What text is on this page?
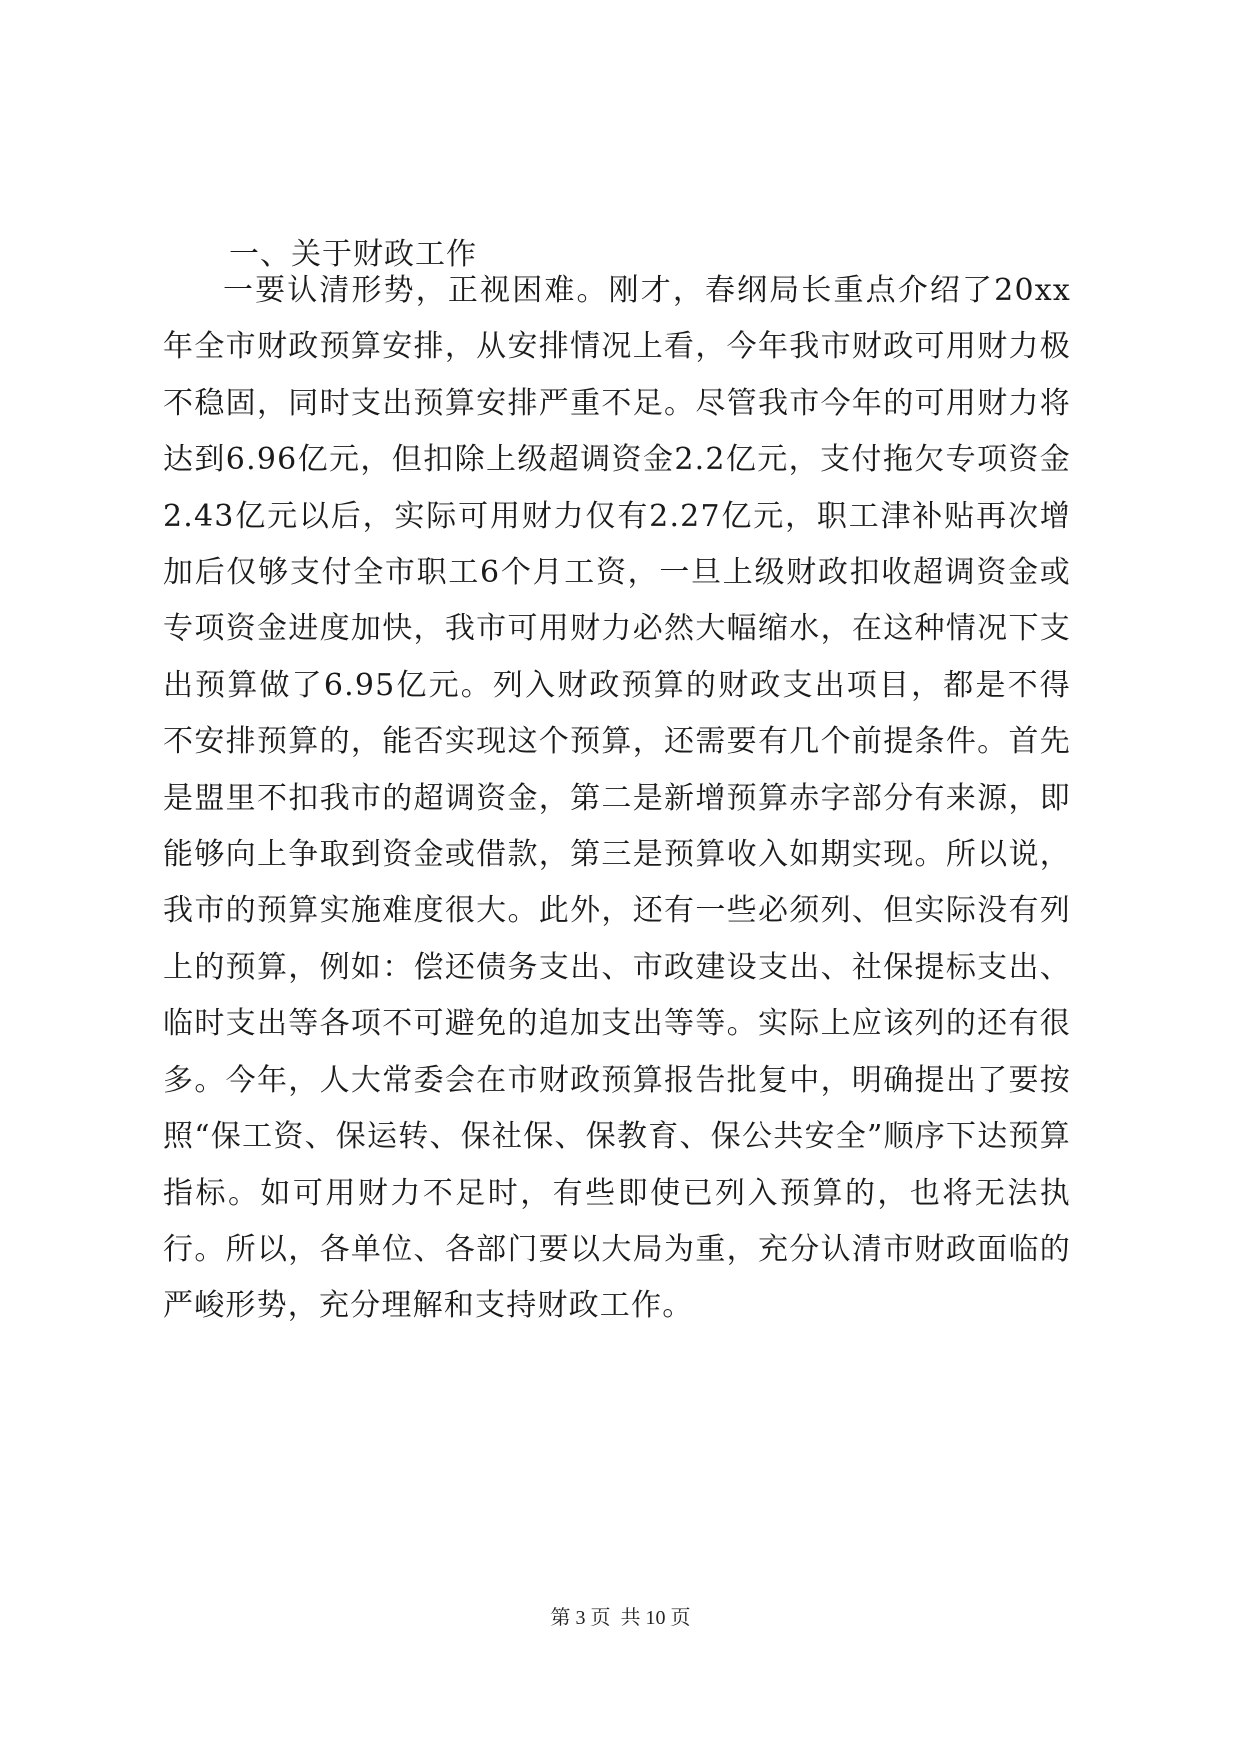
一、关于财政工作

一要认清形势，正视困难。刚才，春纲局长重点介绍了20xx年全市财政预算安排，从安排情况上看，今年我市财政可用财力极不稳固，同时支出预算安排严重不足。尽管我市今年的可用财力将达到6.96亿元，但扣除上级超调资金2.2亿元，支付拖欠专项资金2.43亿元以后，实际可用财力仅有2.27亿元，职工津补贴再次增加后仅够支付全市职工6个月工资，一旦上级财政扣收超调资金或专项资金进度加快，我市可用财力必然大幅缩水，在这种情况下支出预算做了6.95亿元。列入财政预算的财政支出项目，都是不得不安排预算的，能否实现这个预算，还需要有几个前提条件。首先是盟里不扣我市的超调资金，第二是新增预算赤字部分有来源，即能够向上争取到资金或借款，第三是预算收入如期实现。所以说，我市的预算实施难度很大。此外，还有一些必须列、但实际没有列上的预算，例如：偿还债务支出、市政建设支出、社保提标支出、临时支出等各项不可避免的追加支出等等。实际上应该列的还有很多。今年，人大常委会在市财政预算报告批复中，明确提出了要按照“保工资、保运转、保社保、保教育、保公共安全”顺序下达预算指标。如可用财力不足时，有些即使已列入预算的，也将无法执行。所以，各单位、各部门要以大局为重，充分认清市财政面临的严峻形势，充分理解和支持财政工作。

第 3 页  共 10 页
